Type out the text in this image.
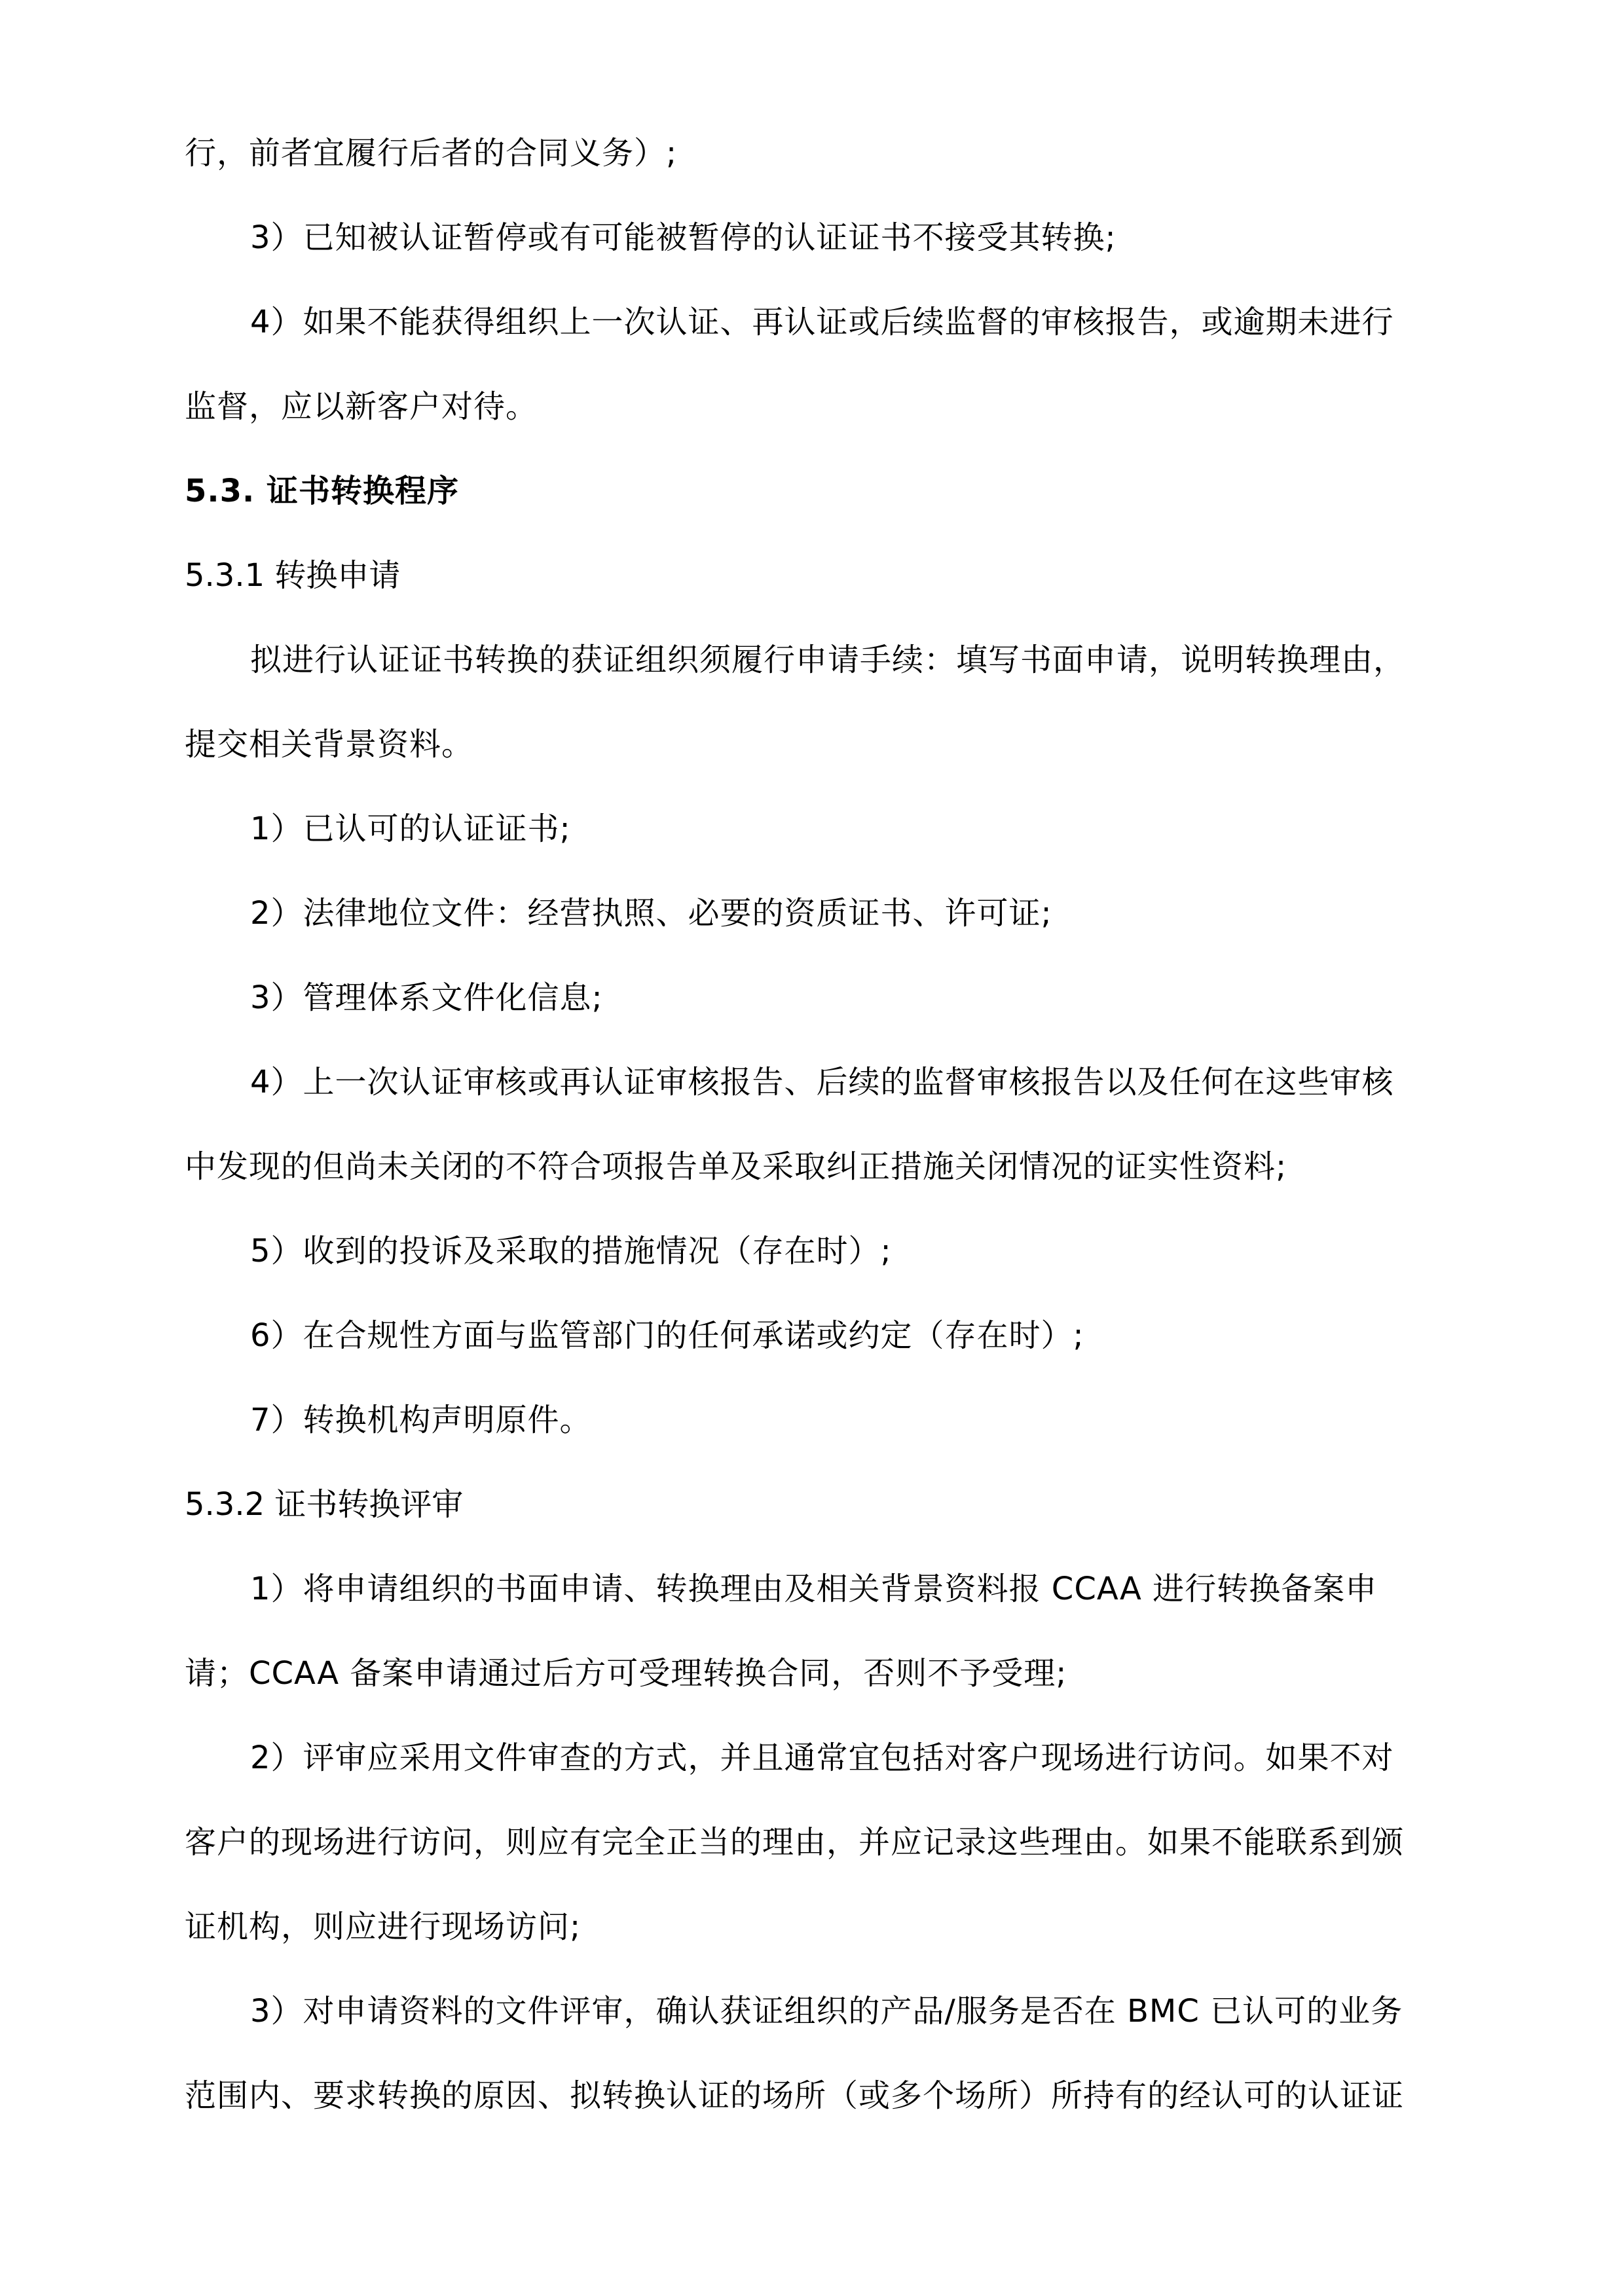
行，前者宜履行后者的合同义务）;
3）已知被认证暂停或有可能被暂停的认证证书不接受其转换;
4）如果不能获得组织上一次认证、再认证或后续监督的审核报告，或逾期未进行
监督，应以新客户对待。
5.3. 证书转换程序
5.3.1 转换申请
拟进行认证证书转换的获证组织须履行申请手续：填写书面申请，说明转换理由，
提交相关背景资料。
1）已认可的认证证书;
2）法律地位文件：经营执照、必要的资质证书、许可证;
3）管理体系文件化信息;
4）上一次认证审核或再认证审核报告、后续的监督审核报告以及任何在这些审核
中发现的但尚未关闭的不符合项报告单及采取纠正措施关闭情况的证实性资料;
5）收到的投诉及采取的措施情况（存在时）;
6）在合规性方面与监管部门的任何承诺或约定（存在时）;
7）转换机构声明原件。
5.3.2 证书转换评审
1）将申请组织的书面申请、转换理由及相关背景资料报 CCAA 进行转换备案申
请；CCAA 备案申请通过后方可受理转换合同，否则不予受理;
2）评审应采用文件审查的方式，并且通常宜包括对客户现场进行访问。如果不对
客户的现场进行访问，则应有完全正当的理由，并应记录这些理由。如果不能联系到颁
证机构，则应进行现场访问;
3）对申请资料的文件评审，确认获证组织的产品/服务是否在 BMC 已认可的业务
范围内、要求转换的原因、拟转换认证的场所（或多个场所）所持有的经认可的认证证
